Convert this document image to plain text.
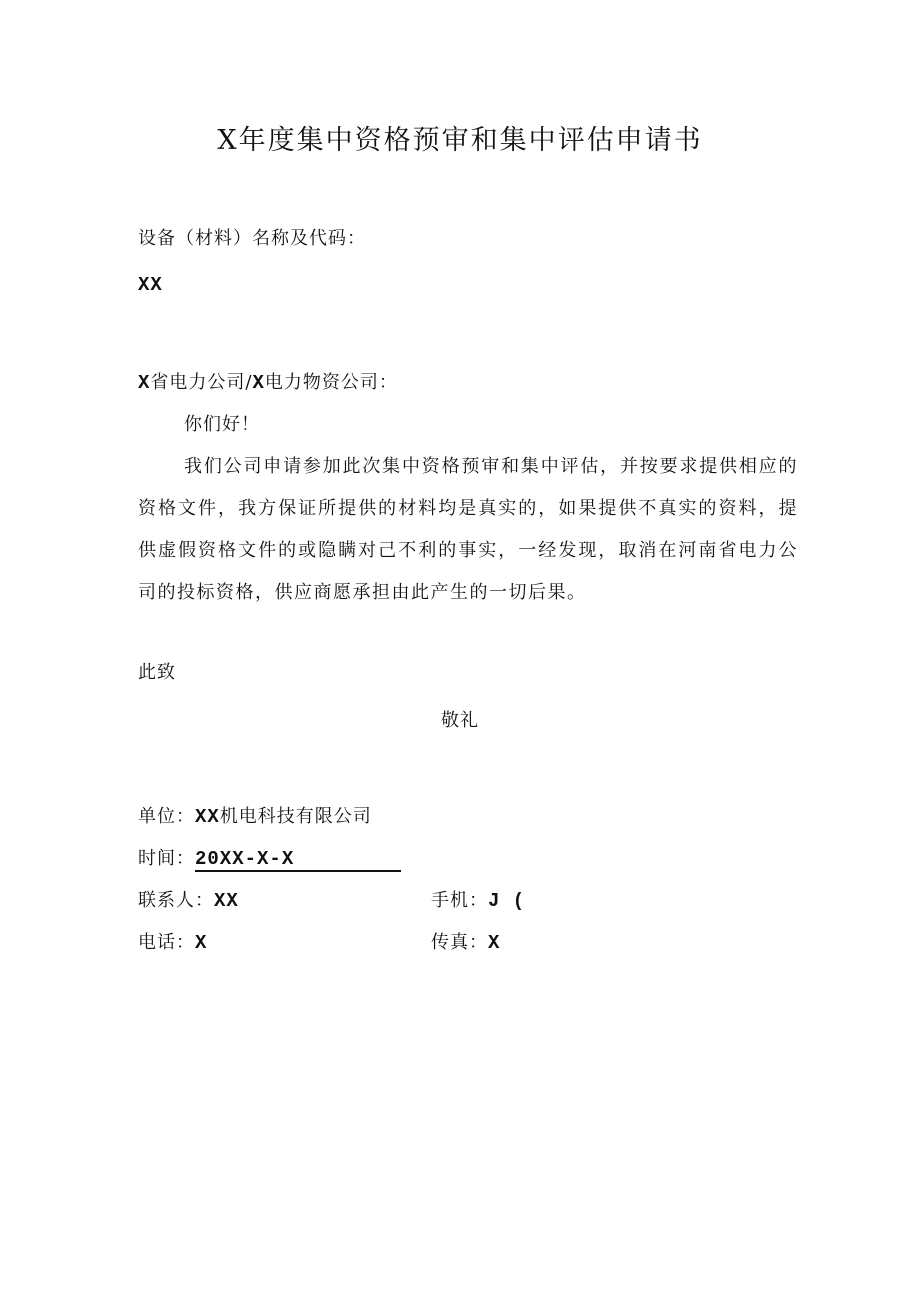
X年度集中资格预审和集中评估申请书
设备（材料）名称及代码：
XX
X省电力公司/X电力物资公司：
你们好！
我们公司申请参加此次集中资格预审和集中评估，并按要求提供相应的资格文件，我方保证所提供的材料均是真实的，如果提供不真实的资料，提供虚假资格文件的或隐瞒对己不利的事实，一经发现，取消在河南省电力公司的投标资格，供应商愿承担由此产生的一切后果。
此致
敬礼
单位：XX机电科技有限公司
时间：20XX-X-X
联系人：XX	手机：J (
电话：X	传真：X
